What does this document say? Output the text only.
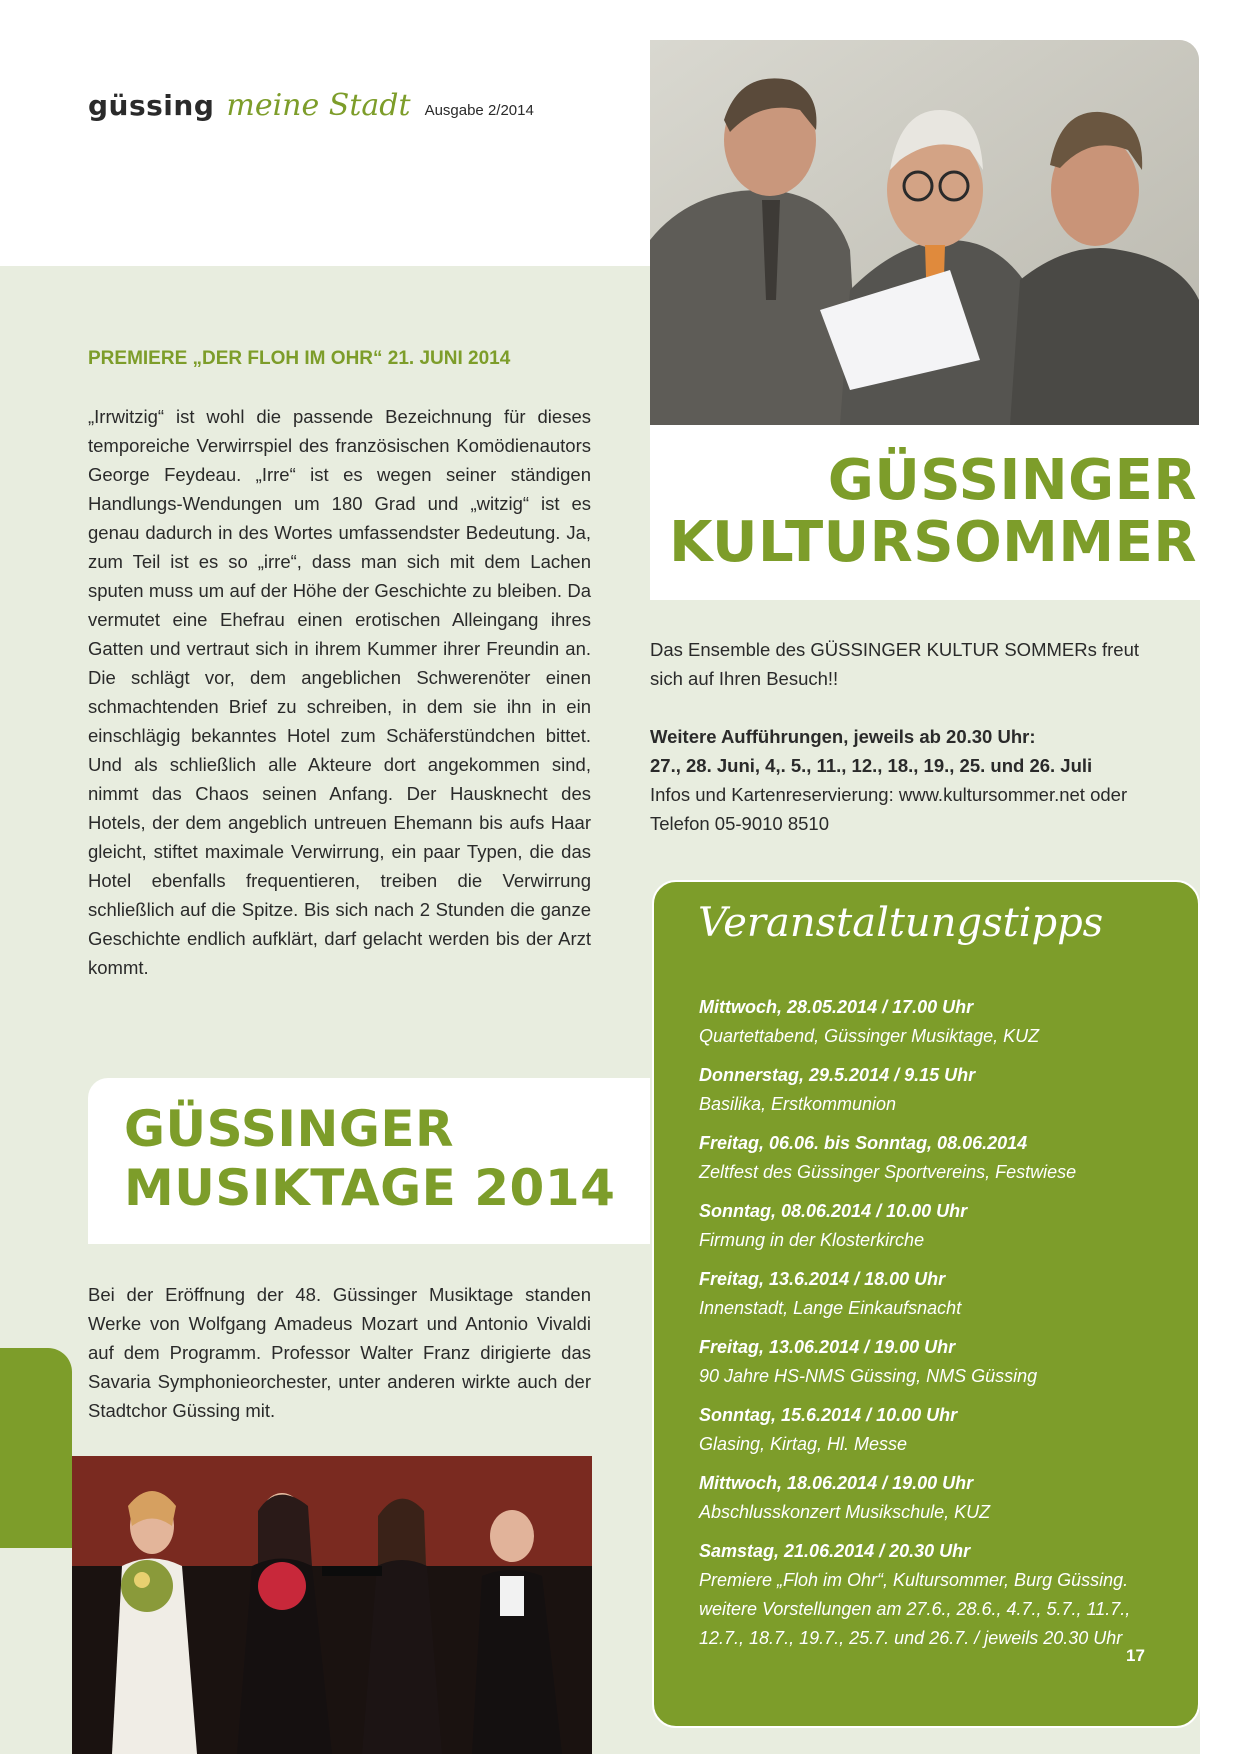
güssing meine Stadt Ausgabe 2/2014
GÜSSINGER
KULTURSOMMER
PREMIERE „DER FLOH IM OHR“ 21. JUNI 2014
„Irrwitzig“ ist wohl die passende Bezeichnung für dieses temporeiche Verwirrspiel des französischen Komödienautors George Feydeau. „Irre“ ist es wegen seiner ständigen Handlungs-Wendungen um 180 Grad und „witzig“ ist es genau dadurch in des Wortes umfassendster Bedeutung. Ja, zum Teil ist es so „irre“, dass man sich mit dem Lachen sputen muss um auf der Höhe der Geschichte zu bleiben. Da vermutet eine Ehefrau einen erotischen Alleingang ihres Gatten und vertraut sich in ihrem Kummer ihrer Freundin an. Die schlägt vor, dem angeblichen Schwerenöter einen schmachtenden Brief zu schreiben, in dem sie ihn in ein einschlägig bekanntes Hotel zum Schäferstündchen bittet. Und als schließlich alle Akteure dort angekommen sind, nimmt das Chaos seinen Anfang. Der Hausknecht des Hotels, der dem angeblich untreuen Ehemann bis aufs Haar gleicht, stiftet maximale Verwirrung, ein paar Typen, die das Hotel ebenfalls frequentieren, treiben die Verwirrung schließlich auf die Spitze. Bis sich nach 2 Stunden die ganze Geschichte endlich aufklärt, darf gelacht werden bis der Arzt kommt.
Das Ensemble des GÜSSINGER KULTUR SOMMERs freut sich auf Ihren Besuch!!
Weitere Aufführungen, jeweils ab 20.30 Uhr:
27., 28. Juni, 4,. 5., 11., 12., 18., 19., 25. und 26. Juli
Infos und Kartenreservierung: www.kultursommer.net oder Telefon 05-9010 8510
GÜSSINGER
MUSIKTAGE 2014
Bei der Eröffnung der 48. Güssinger Musiktage standen Werke von Wolfgang Amadeus Mozart und Antonio Vivaldi auf dem Programm. Professor Walter Franz dirigierte das Savaria Symphonieorchester, unter anderen wirkte auch der Stadtchor Güssing mit.
Veranstaltungstipps
Mittwoch, 28.05.2014 / 17.00 Uhr
Quartettabend, Güssinger Musiktage, KUZ
Donnerstag, 29.5.2014 / 9.15 Uhr
Basilika, Erstkommunion
Freitag, 06.06. bis Sonntag, 08.06.2014
Zeltfest des Güssinger Sportvereins, Festwiese
Sonntag, 08.06.2014 / 10.00 Uhr
Firmung in der Klosterkirche
Freitag, 13.6.2014 / 18.00 Uhr
Innenstadt, Lange Einkaufsnacht
Freitag, 13.06.2014 / 19.00 Uhr
90 Jahre HS-NMS Güssing, NMS Güssing
Sonntag, 15.6.2014 / 10.00 Uhr
Glasing, Kirtag, Hl. Messe
Mittwoch, 18.06.2014 / 19.00 Uhr
Abschlusskonzert Musikschule, KUZ
Samstag, 21.06.2014 / 20.30 Uhr
Premiere „Floh im Ohr“, Kultursommer, Burg Güssing. weitere Vorstellungen am 27.6., 28.6., 4.7., 5.7., 11.7., 12.7., 18.7., 19.7., 25.7. und 26.7. / jeweils 20.30 Uhr
17
